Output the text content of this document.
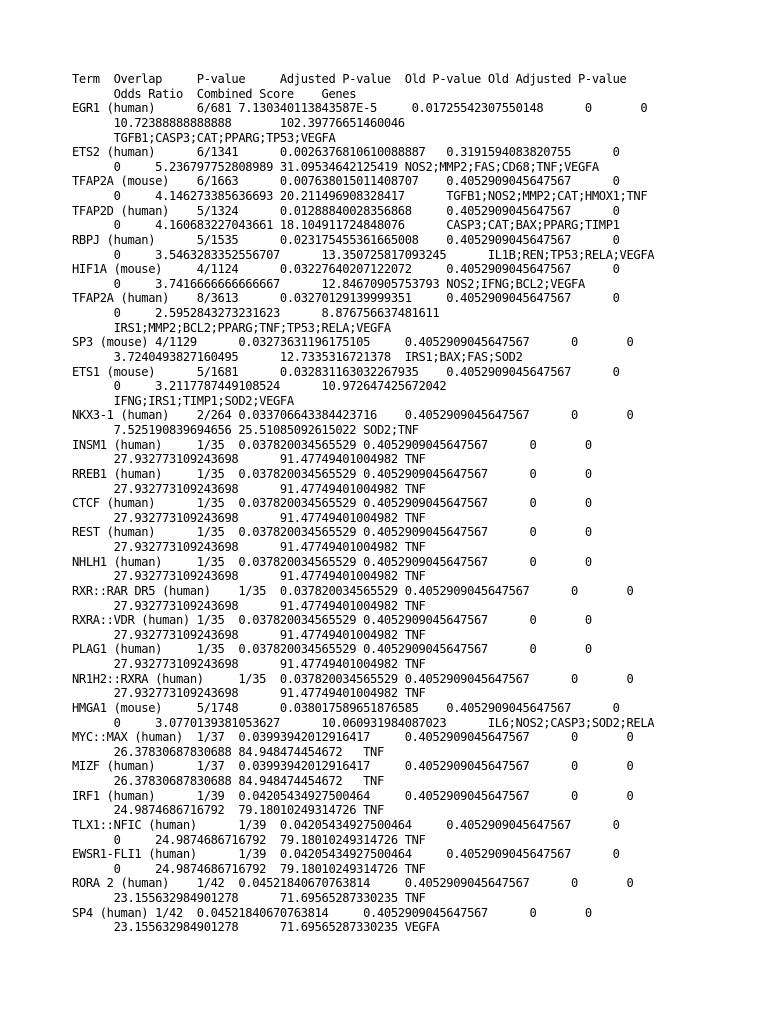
Term  Overlap     P-value     Adjusted P-value  Old P-value Old Adjusted P-value
Odds Ratio  Combined Score    Genes
EGR1 (human)      6/681 7.130340113843587E-5     0.01725542307550148      0       0
10.72388888888888       102.39776651460046
TGFB1;CASP3;CAT;PPARG;TP53;VEGFA
ETS2 (human)      6/1341      0.0026376810610088887   0.3191594083820755      0
0     5.236797752808989 31.09534642125419 NOS2;MMP2;FAS;CD68;TNF;VEGFA
TFAP2A (mouse)    6/1663      0.007638015011408707    0.4052909045647567      0
0     4.146273385636693 20.211496908328417      TGFB1;NOS2;MMP2;CAT;HMOX1;TNF
TFAP2D (human)    5/1324      0.01288840028356868     0.4052909045647567      0
0     4.160683227043661 18.104911724848076      CASP3;CAT;BAX;PPARG;TIMP1
RBPJ (human)      5/1535      0.023175455361665008    0.4052909045647567      0
0     3.5463283352556707      13.350725817093245      IL1B;REN;TP53;RELA;VEGFA
HIF1A (mouse)     4/1124      0.03227640207122072     0.4052909045647567      0
0     3.7416666666666667      12.84670905753793 NOS2;IFNG;BCL2;VEGFA
TFAP2A (human)    8/3613      0.03270129139999351     0.4052909045647567      0
0     2.5952843273231623      8.876756637481611
IRS1;MMP2;BCL2;PPARG;TNF;TP53;RELA;VEGFA
SP3 (mouse) 4/1129      0.03273631196175105     0.4052909045647567      0       0
3.7240493827160495      12.7335316721378  IRS1;BAX;FAS;SOD2
ETS1 (mouse)      5/1681      0.032831163032267935    0.4052909045647567      0
0     3.2117787449108524      10.972647425672042
IFNG;IRS1;TIMP1;SOD2;VEGFA
NKX3-1 (human)    2/264 0.033706643384423716    0.4052909045647567      0       0
7.525190839694656 25.51085092615022 SOD2;TNF
INSM1 (human)     1/35  0.037820034565529 0.4052909045647567      0       0
27.932773109243698      91.47749401004982 TNF
RREB1 (human)     1/35  0.037820034565529 0.4052909045647567      0       0
27.932773109243698      91.47749401004982 TNF
CTCF (human)      1/35  0.037820034565529 0.4052909045647567      0       0
27.932773109243698      91.47749401004982 TNF
REST (human)      1/35  0.037820034565529 0.4052909045647567      0       0
27.932773109243698      91.47749401004982 TNF
NHLH1 (human)     1/35  0.037820034565529 0.4052909045647567      0       0
27.932773109243698      91.47749401004982 TNF
RXR::RAR DR5 (human)    1/35  0.037820034565529 0.4052909045647567      0       0
27.932773109243698      91.47749401004982 TNF
RXRA::VDR (human) 1/35  0.037820034565529 0.4052909045647567      0       0
27.932773109243698      91.47749401004982 TNF
PLAG1 (human)     1/35  0.037820034565529 0.4052909045647567      0       0
27.932773109243698      91.47749401004982 TNF
NR1H2::RXRA (human)     1/35  0.037820034565529 0.4052909045647567      0       0
27.932773109243698      91.47749401004982 TNF
HMGA1 (mouse)     5/1748      0.038017589651876585    0.4052909045647567      0
0     3.0770139381053627      10.060931984087023      IL6;NOS2;CASP3;SOD2;RELA
MYC::MAX (human)  1/37  0.03993942012916417     0.4052909045647567      0       0
26.37830687830688 84.948474454672   TNF
MIZF (human)      1/37  0.03993942012916417     0.4052909045647567      0       0
26.37830687830688 84.948474454672   TNF
IRF1 (human)      1/39  0.04205434927500464     0.4052909045647567      0       0
24.9874686716792  79.18010249314726 TNF
TLX1::NFIC (human)      1/39  0.04205434927500464     0.4052909045647567      0
0     24.9874686716792  79.18010249314726 TNF
EWSR1-FLI1 (human)      1/39  0.04205434927500464     0.4052909045647567      0
0     24.9874686716792  79.18010249314726 TNF
RORA 2 (human)    1/42  0.04521840670763814     0.4052909045647567      0       0
23.155632984901278      71.69565287330235 TNF
SP4 (human) 1/42  0.04521840670763814     0.4052909045647567      0       0
23.155632984901278      71.69565287330235 VEGFA
